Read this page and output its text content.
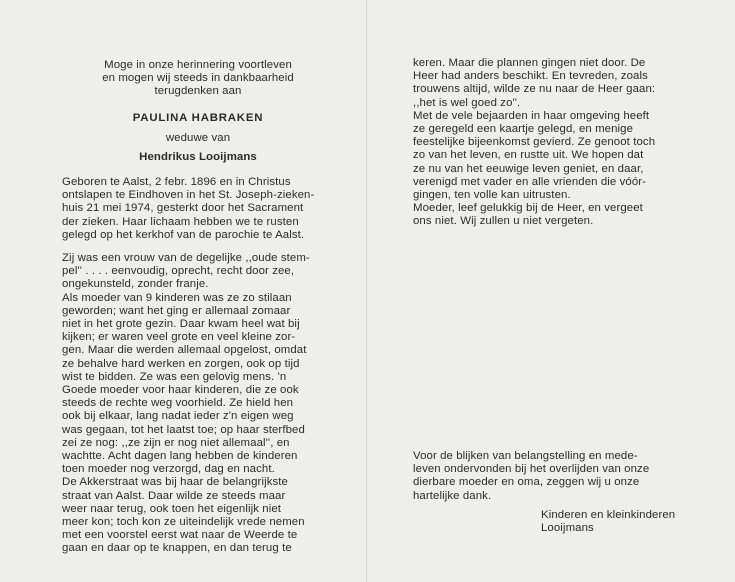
Moge in onze herinnering voortleven
en mogen wij steeds in dankbaarheid
terugdenken aan
PAULINA HABRAKEN
weduwe van
Hendrikus Looijmans
Geboren te Aalst, 2 febr. 1896 en in Christus
ontslapen te Eindhoven in het St. Joseph-zieken-
huis 21 mei 1974, gesterkt door het Sacrament
der zieken. Haar lichaam hebben we te rusten
gelegd op het kerkhof van de parochie te Aalst.
Zij was een vrouw van de degelijke ,,oude stem-
pel'' . . . . eenvoudig, oprecht, recht door zee,
ongekunsteld, zonder franje.
Als moeder van 9 kinderen was ze zo stilaan
geworden; want het ging er allemaal zomaar
niet in het grote gezin. Daar kwam heel wat bij
kijken; er waren veel grote en veel kleine zor-
gen. Maar die werden allemaal opgelost, omdat
ze behalve hard werken en zorgen, ook op tijd
wist te bidden. Ze was een gelovig mens. 'n
Goede moeder voor haar kinderen, die ze ook
steeds de rechte weg voorhield. Ze hield hen
ook bij elkaar, lang nadat ieder z'n eigen weg
was gegaan, tot het laatst toe; op haar sterfbed
zei ze nog: ,,ze zijn er nog niet allemaal'', en
wachtte. Acht dagen lang hebben de kinderen
toen moeder nog verzorgd, dag en nacht.
De Akkerstraat was bij haar de belangrijkste
straat van Aalst. Daar wilde ze steeds maar
weer naar terug, ook toen het eigenlijk niet
meer kon; toch kon ze uiteindelijk vrede nemen
met een voorstel eerst wat naar de Weerde te
gaan en daar op te knappen, en dan terug te
keren. Maar die plannen gingen niet door. De
Heer had anders beschikt. En tevreden, zoals
trouwens altijd, wilde ze nu naar de Heer gaan:
,,het is wel goed zo''.
Met de vele bejaarden in haar omgeving heeft
ze geregeld een kaartje gelegd, en menige
feestelijke bijeenkomst gevierd. Ze genoot toch
zo van het leven, en rustte uit. We hopen dat
ze nu van het eeuwige leven geniet, en daar,
verenigd met vader en alle vrienden die vóór-
gingen, ten volle kan uitrusten.
Moeder, leef gelukkig bij de Heer, en vergeet
ons niet. Wij zullen u niet vergeten.
Voor de blijken van belangstelling en mede-
leven ondervonden bij het overlijden van onze
dierbare moeder en oma, zeggen wij u onze
hartelijke dank.
Kinderen en kleinkinderen
Looijmans
